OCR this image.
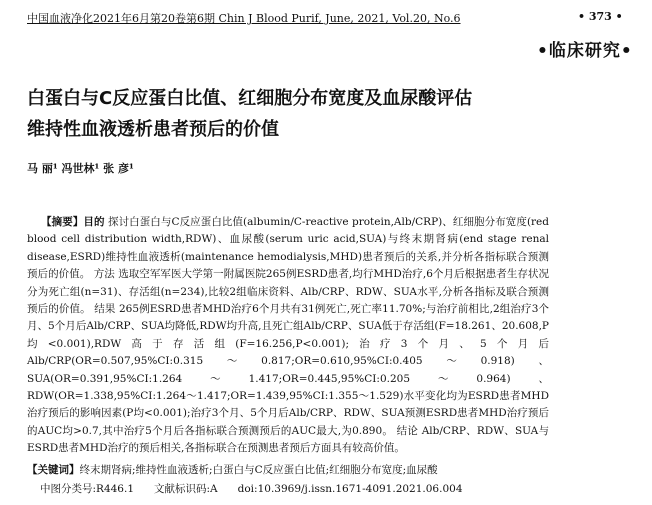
中国血液净化2021年6月第20卷第6期 Chin J Blood Purif, June, 2021, Vol.20, No.6	• 373 •
•临床研究•
白蛋白与C反应蛋白比值、红细胞分布宽度及血尿酸评估
维持性血液透析患者预后的价值
马 丽¹ 冯世林¹ 张 彦¹
【摘要】目的 探讨白蛋白与C反应蛋白比值(albumin/C-reactive protein,Alb/CRP)、红细胞分布宽度(red blood cell distribution width,RDW)、血尿酸(serum uric acid,SUA)与终末期肾病(end stage renal disease,ESRD)维持性血液透析(maintenance hemodialysis,MHD)患者预后的关系,并分析各指标联合预测预后的价值。 方法 选取空军军医大学第一附属医院265例ESRD患者,均行MHD治疗,6个月后根据患者生存状况分为死亡组(n=31)、存活组(n=234),比较2组临床资料、Alb/CRP、RDW、SUA水平,分析各指标及联合预测预后的价值。 结果 265例ESRD患者MHD治疗6个月共有31例死亡,死亡率11.70%;与治疗前相比,2组治疗3个月、5个月后Alb/CRP、SUA均降低,RDW均升高,且死亡组Alb/CRP、SUA低于存活组(F=18.261、20.608,P均<0.001),RDW高于存活组(F=16.256,P<0.001);治疗3个月、5个月后Alb/CRP(OR=0.507,95%CI:0.315～0.817;OR=0.610,95%CI:0.405～0.918)、SUA(OR=0.391,95%CI:1.264～1.417;OR=0.445,95%CI:0.205～0.964)、RDW(OR=1.338,95%CI:1.264～1.417;OR=1.439,95%CI:1.355～1.529)水平变化均为ESRD患者MHD治疗预后的影响因素(P均<0.001);治疗3个月、5个月后Alb/CRP、RDW、SUA预测ESRD患者MHD治疗预后的AUC均>0.7,其中治疗5个月后各指标联合预测预后的AUC最大,为0.890。 结论 Alb/CRP、RDW、SUA与ESRD患者MHD治疗的预后相关,各指标联合在预测患者预后方面具有较高价值。
【关键词】终末期肾病;维持性血液透析;白蛋白与C反应蛋白比值;红细胞分布宽度;血尿酸
中图分类号:R446.1 文献标识码:A doi:10.3969/j.issn.1671-4091.2021.06.004
